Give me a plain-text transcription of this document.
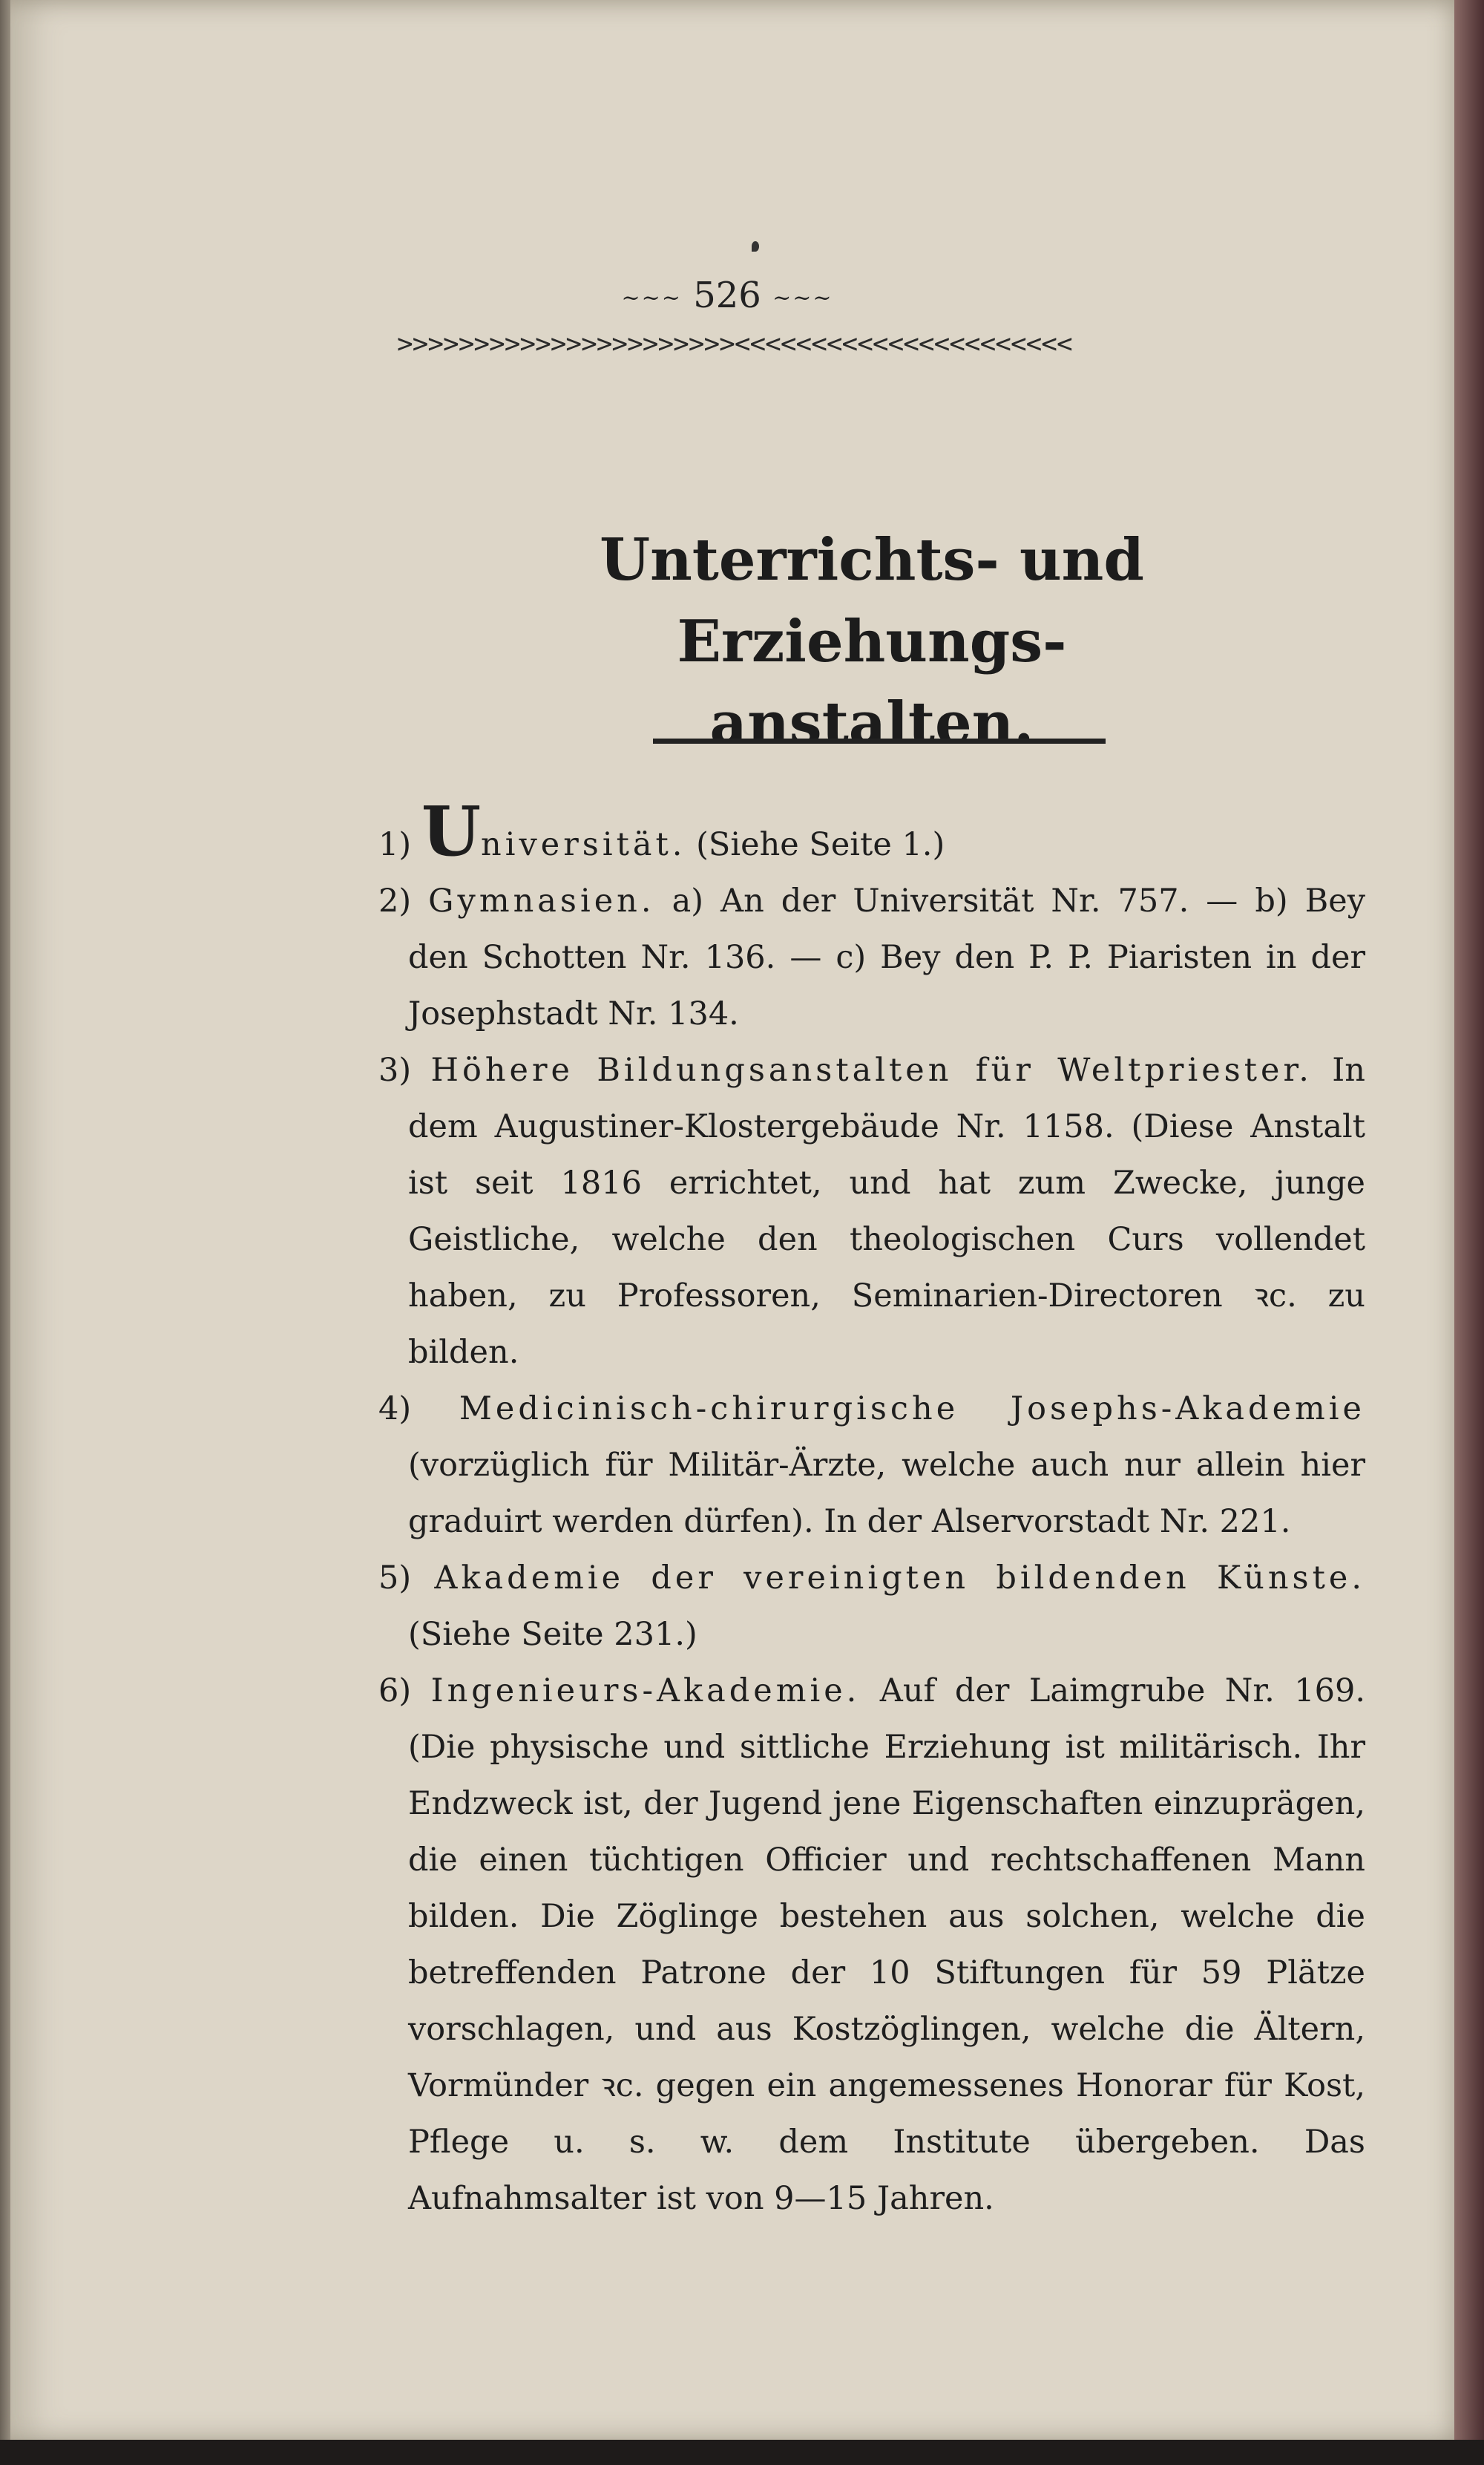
~~~ 526 ~~~
>>>>>>>>>>>>>>>>>>>>>><<<<<<<<<<<<<<<<<<<<<<
Unterrichts- und Erziehungs-
anstalten.

1) Universität. (Siehe Seite 1.)

2) Gymnasien. a) An der Universität Nr. 757. — b) Bey den Schotten Nr. 136. — c) Bey den P. P. Piaristen in der Josephstadt Nr. 134.

3) Höhere Bildungsanstalten für Weltpriester. In dem Augustiner-Klostergebäude Nr. 1158. (Diese Anstalt ist seit 1816 errichtet, und hat zum Zwecke, junge Geistliche, welche den theologischen Curs vollendet haben, zu Professoren, Seminarien-Directoren ꝛc. zu bilden.

4) Medicinisch-chirurgische Josephs-Akademie (vorzüglich für Militär-Ärzte, welche auch nur allein hier graduirt werden dürfen). In der Alservorstadt Nr. 221.

5) Akademie der vereinigten bildenden Künste. (Siehe Seite 231.)

6) Ingenieurs-Akademie. Auf der Laimgrube Nr. 169. (Die physische und sittliche Erziehung ist militärisch. Ihr Endzweck ist, der Jugend jene Eigenschaften einzuprägen, die einen tüchtigen Officier und rechtschaffenen Mann bilden. Die Zöglinge bestehen aus solchen, welche die betreffenden Patrone der 10 Stiftungen für 59 Plätze vorschlagen, und aus Kostzöglingen, welche die Ältern, Vormünder ꝛc. gegen ein angemessenes Honorar für Kost, Pflege u. s. w. dem Institute übergeben. Das Aufnahmsalter ist von 9—15 Jahren.
